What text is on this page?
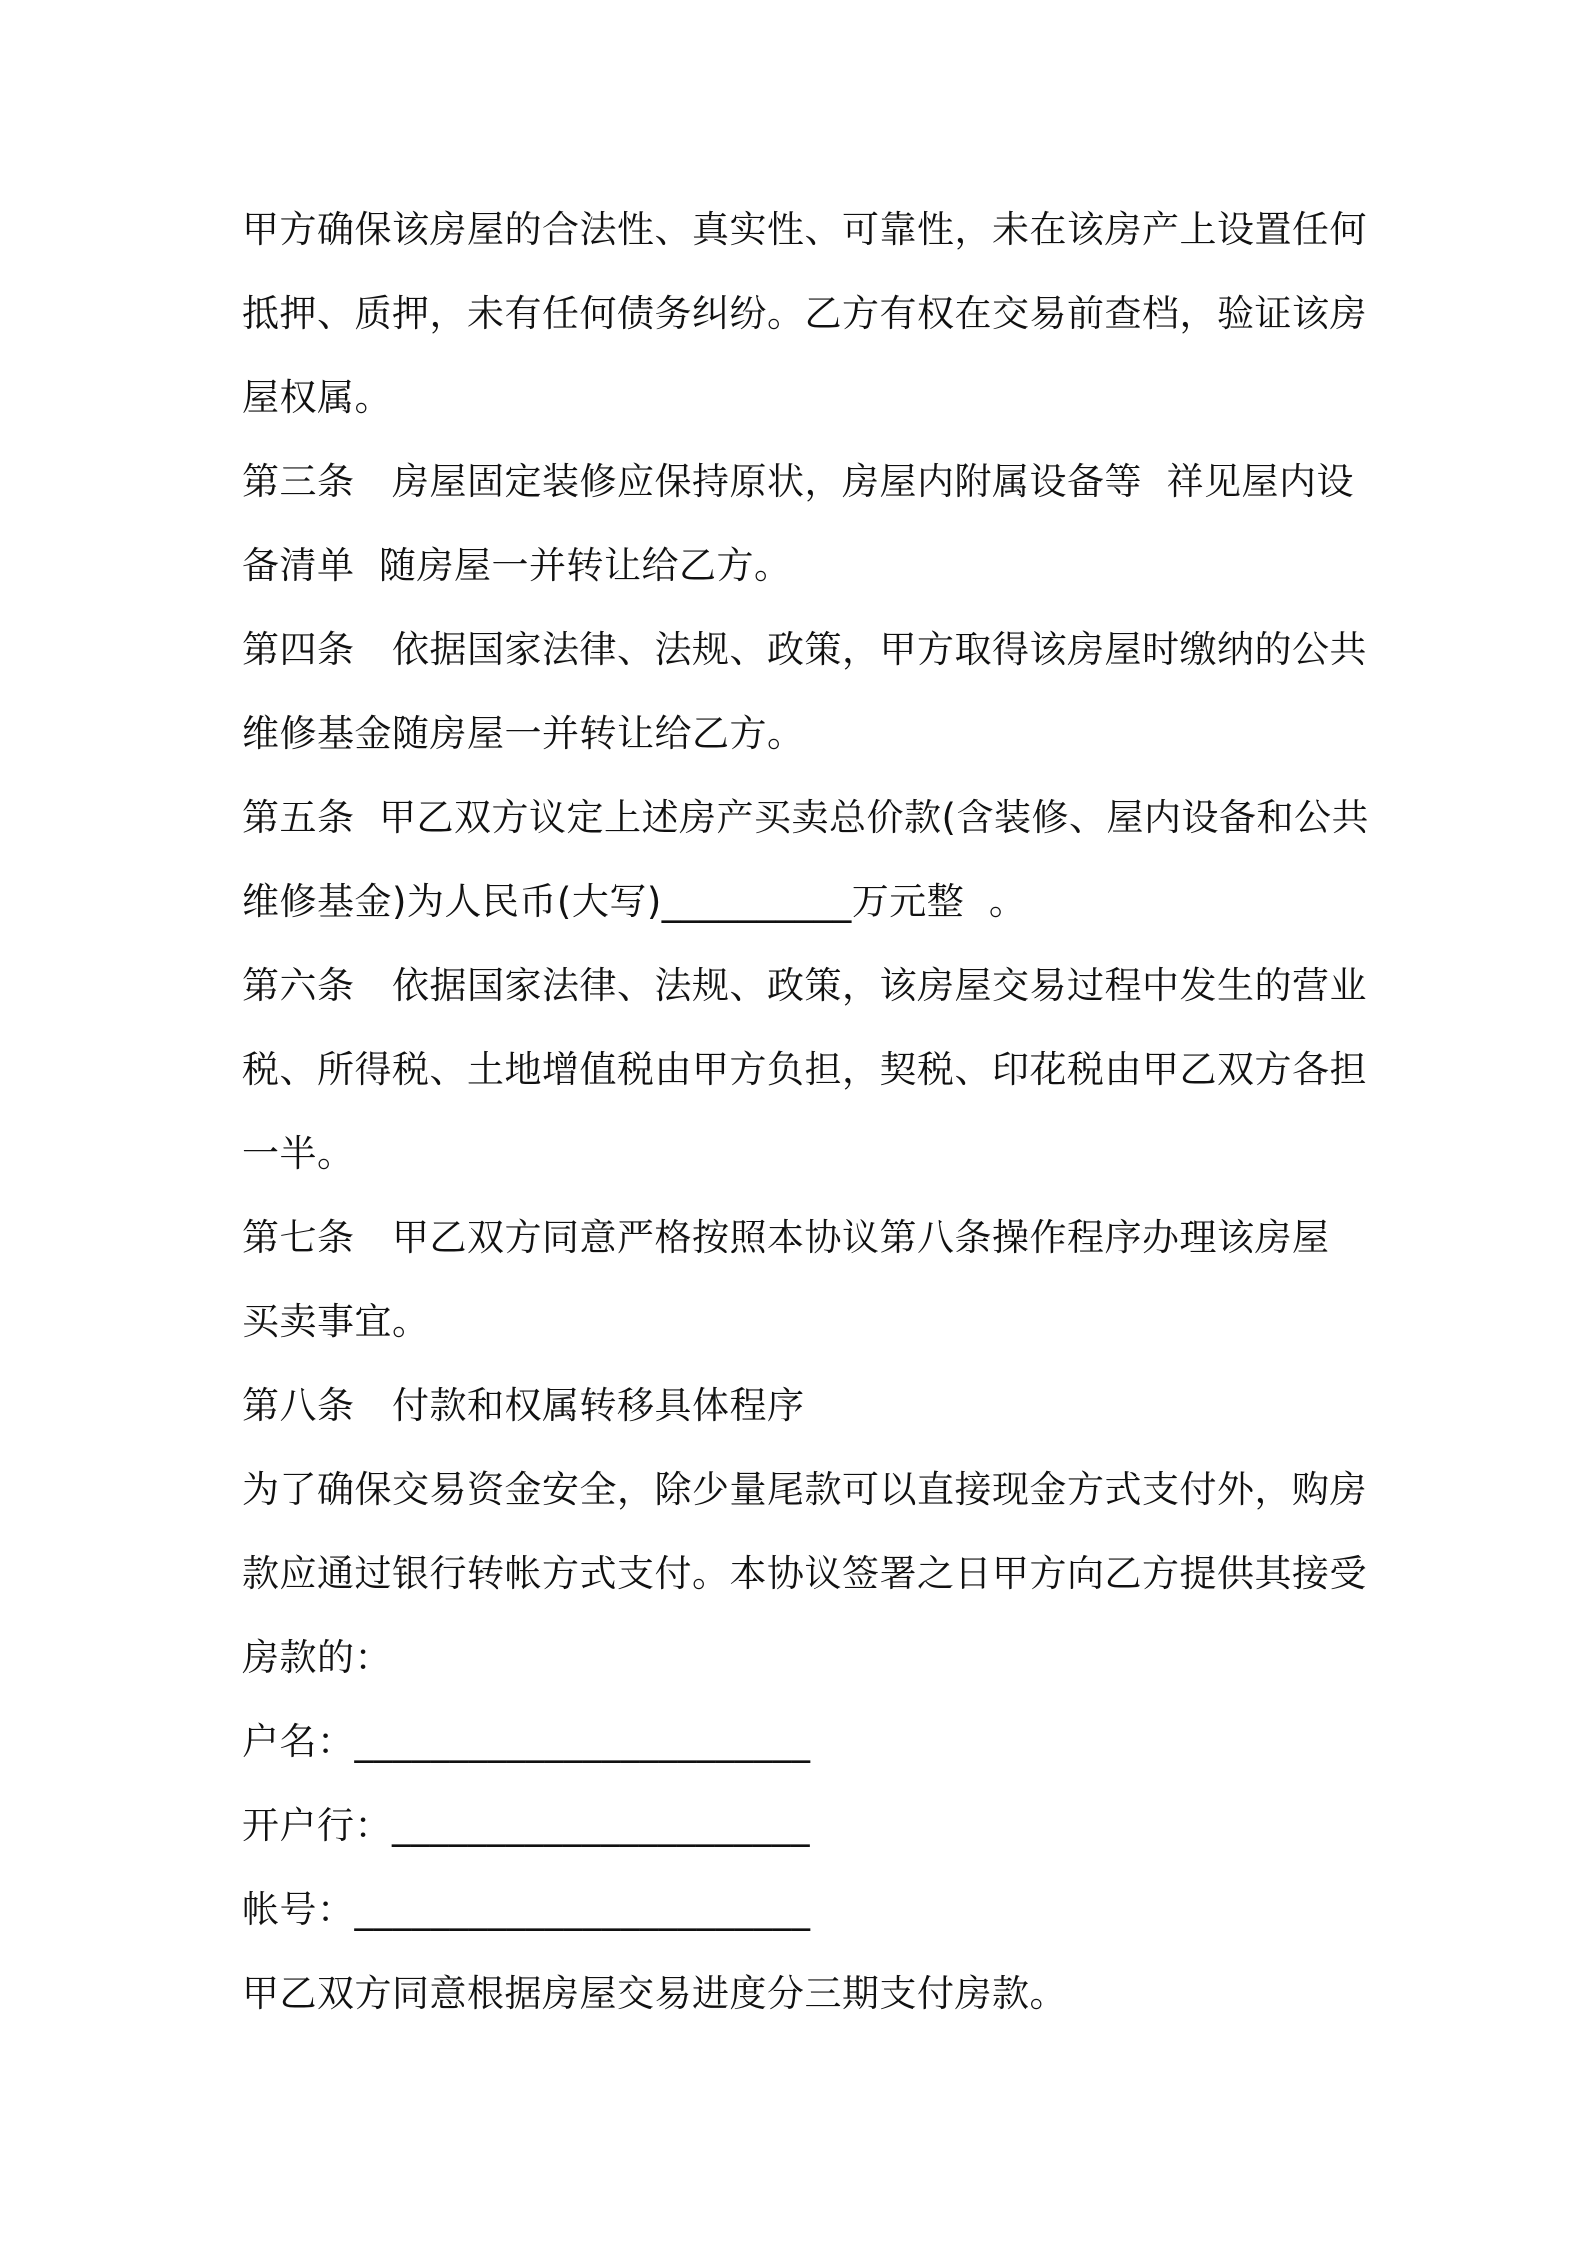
甲方确保该房屋的合法性、真实性、可靠性，未在该房产上设置任何
抵押、质押，未有任何债务纠纷。乙方有权在交易前查档，验证该房
屋权属。
第三条　房屋固定装修应保持原状，房屋内附属设备等  祥见屋内设
备清单  随房屋一并转让给乙方。
第四条　依据国家法律、法规、政策，甲方取得该房屋时缴纳的公共
维修基金随房屋一并转让给乙方。
第五条  甲乙双方议定上述房产买卖总价款(含装修、屋内设备和公共
维修基金)为人民币(大写)__________万元整  。
第六条　依据国家法律、法规、政策，该房屋交易过程中发生的营业
税、所得税、土地增值税由甲方负担，契税、印花税由甲乙双方各担
一半。
第七条　甲乙双方同意严格按照本协议第八条操作程序办理该房屋
买卖事宜。
第八条　付款和权属转移具体程序
为了确保交易资金安全，除少量尾款可以直接现金方式支付外，购房
款应通过银行转帐方式支付。本协议签署之日甲方向乙方提供其接受
房款的：
户名：________________________
开户行：______________________
帐号：________________________
甲乙双方同意根据房屋交易进度分三期支付房款。
